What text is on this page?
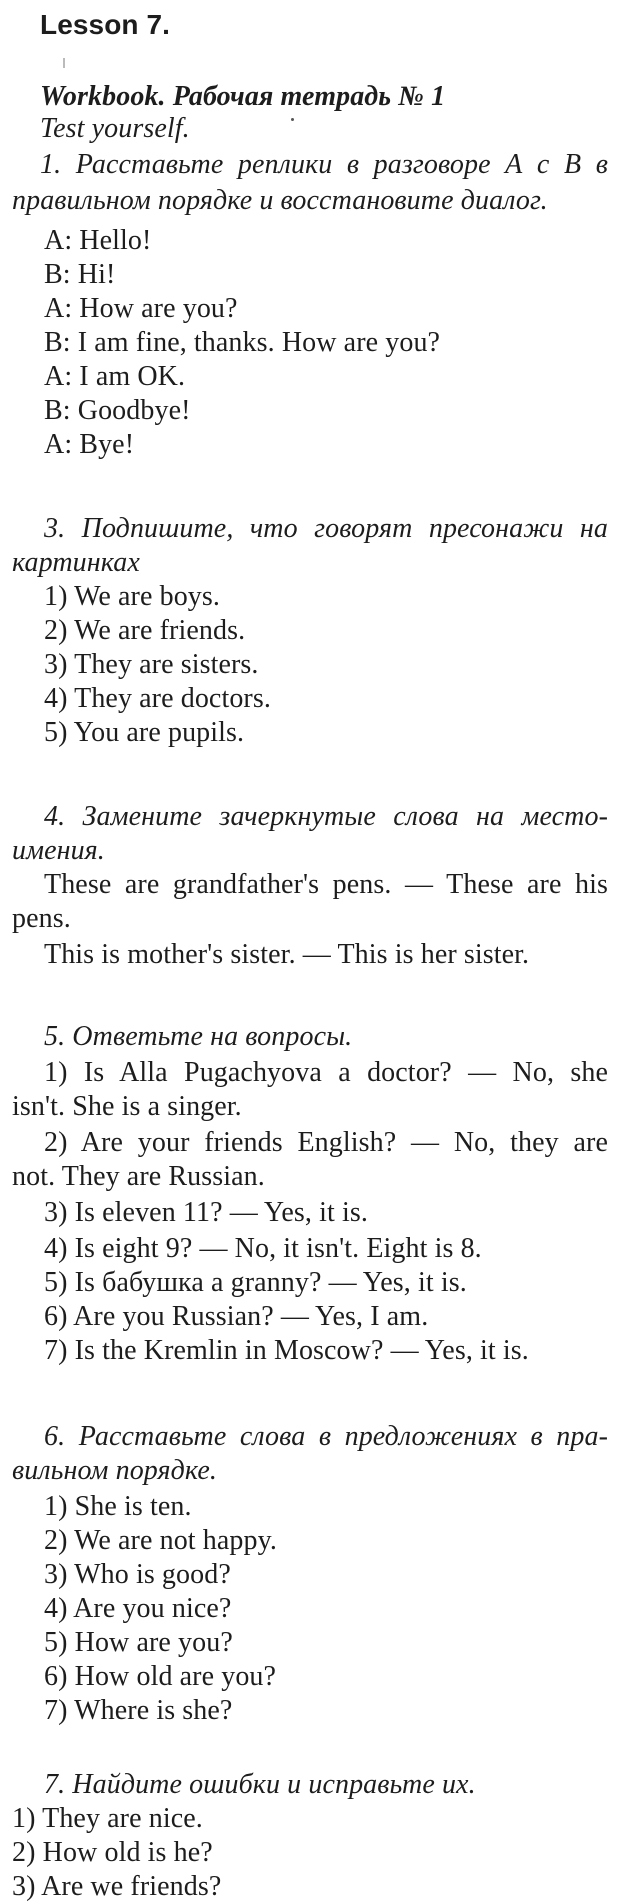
Lesson 7.
Workbook. Рабочая тетрадь № 1
Test yourself.
1. Расставьте реплики в разговоре А с В в
правильном порядке и восстановите диалог.
A: Hello!
B: Hi!
A: How are you?
B: I am fine, thanks. How are you?
A: I am OK.
B: Goodbye!
A: Bye!
3. Подпишите, что говорят пресонажи на
картинках
1) We are boys.
2) We are friends.
3) They are sisters.
4) They are doctors.
5) You are pupils.
4. Замените зачеркнутые слова на место-
имения.
These are grandfather's pens. — These are his
pens.
This is mother's sister. — This is her sister.
5. Ответьте на вопросы.
1) Is Alla Pugachyova a doctor? — No, she
isn't. She is a singer.
2) Are your friends English? — No, they are
not. They are Russian.
3) Is eleven 11? — Yes, it is.
4) Is eight 9? — No, it isn't. Eight is 8.
5) Is бабушка a granny? — Yes, it is.
6) Are you Russian? — Yes, I am.
7) Is the Kremlin in Moscow? — Yes, it is.
6. Расставьте слова в предложениях в пра-
вильном порядке.
1) She is ten.
2) We are not happy.
3) Who is good?
4) Are you nice?
5) How are you?
6) How old are you?
7) Where is she?
7. Найдите ошибки и исправьте их.
1) They are nice.
2) How old is he?
3) Are we friends?
